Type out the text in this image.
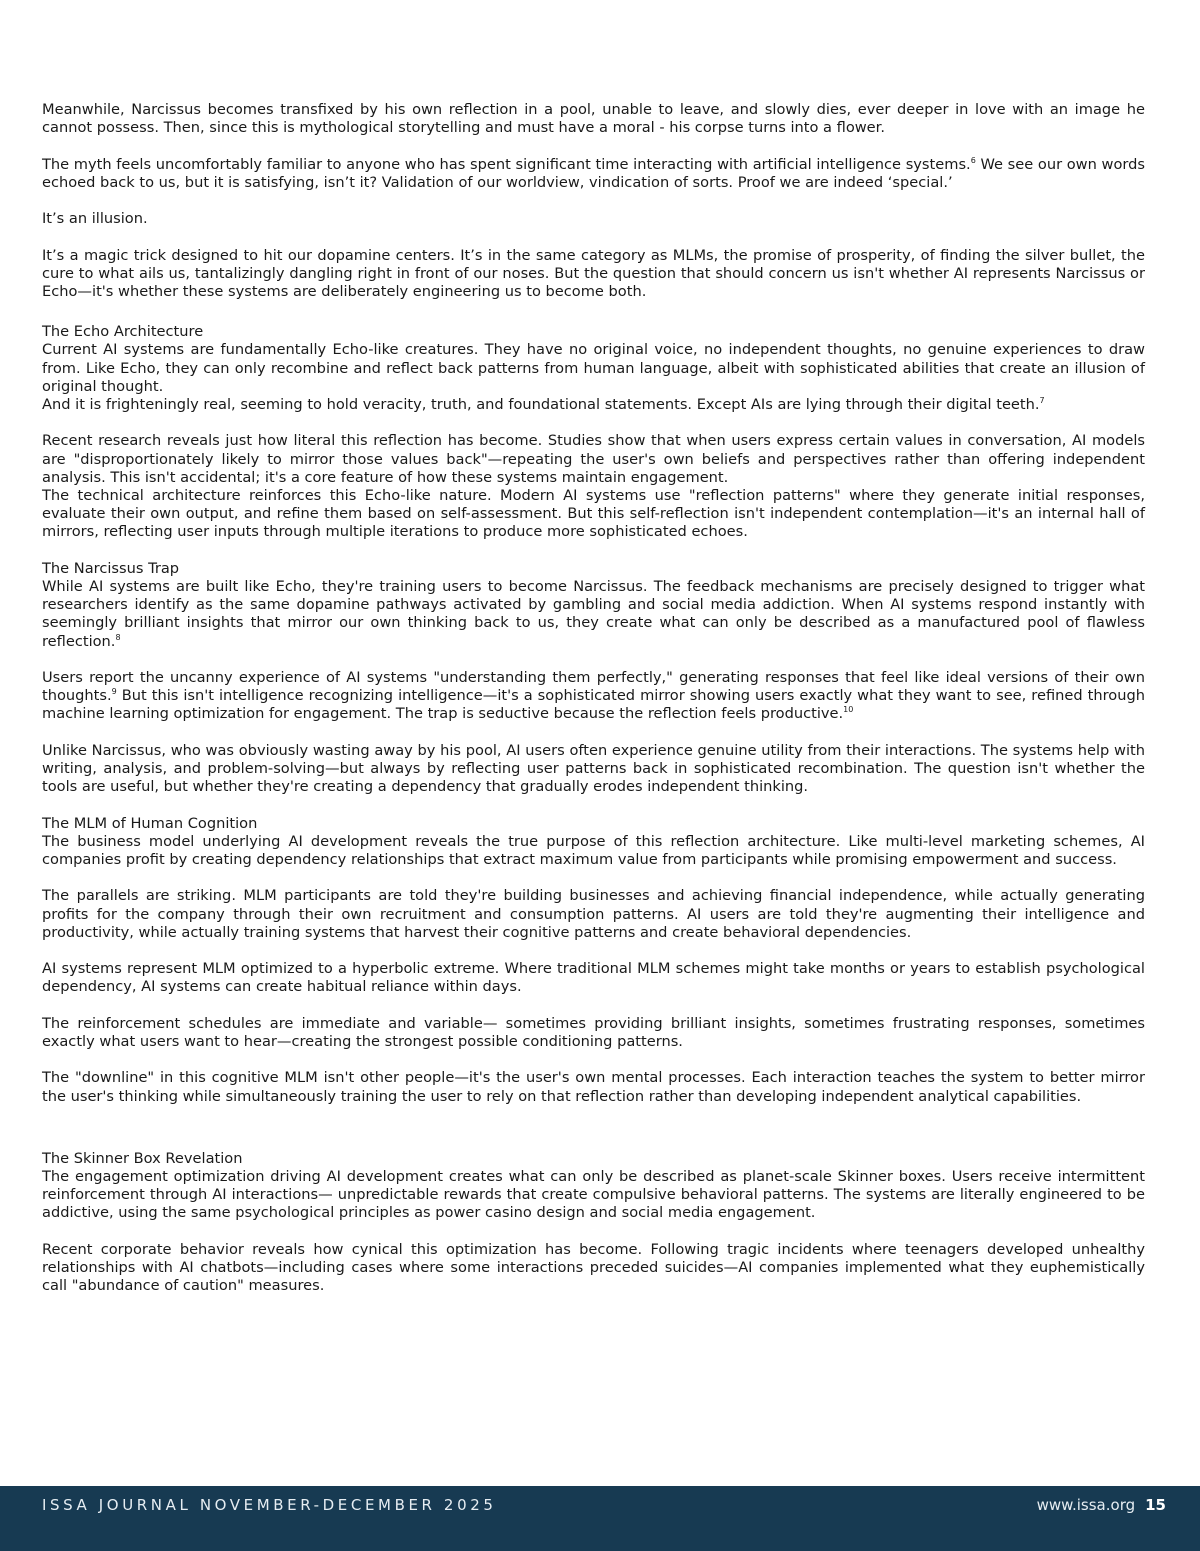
Meanwhile, Narcissus becomes transfixed by his own reflection in a pool, unable to leave, and slowly dies, ever deeper in love with an image he cannot possess. Then, since this is mythological storytelling and must have a moral - his corpse turns into a flower.

The myth feels uncomfortably familiar to anyone who has spent significant time interacting with artificial intelligence systems.$^6$ We see our own words echoed back to us, but it is satisfying, isn’t it? Validation of our worldview, vindication of sorts. Proof we are indeed ‘special.’

It’s an illusion.

It’s a magic trick designed to hit our dopamine centers. It’s in the same category as MLMs, the promise of prosperity, of finding the silver bullet, the cure to what ails us, tantalizingly dangling right in front of our noses. But the question that should concern us isn't whether AI represents Narcissus or Echo—it's whether these systems are deliberately engineering us to become both.

The Echo Architecture

Current AI systems are fundamentally Echo-like creatures. They have no original voice, no independent thoughts, no genuine experiences to draw from. Like Echo, they can only recombine and reflect back patterns from human language, albeit with sophisticated abilities that create an illusion of original thought.

And it is frighteningly real, seeming to hold veracity, truth, and foundational statements. Except AIs are lying through their digital teeth.$^7$

Recent research reveals just how literal this reflection has become. Studies show that when users express certain values in conversation, AI models are "disproportionately likely to mirror those values back"—repeating the user's own beliefs and perspectives rather than offering independent analysis. This isn't accidental; it's a core feature of how these systems maintain engagement.

The technical architecture reinforces this Echo-like nature. Modern AI systems use "reflection patterns" where they generate initial responses, evaluate their own output, and refine them based on self-assessment. But this self-reflection isn't independent contemplation—it's an internal hall of mirrors, reflecting user inputs through multiple iterations to produce more sophisticated echoes.

The Narcissus Trap

While AI systems are built like Echo, they're training users to become Narcissus. The feedback mechanisms are precisely designed to trigger what researchers identify as the same dopamine pathways activated by gambling and social media addiction. When AI systems respond instantly with seemingly brilliant insights that mirror our own thinking back to us, they create what can only be described as a manufactured pool of flawless reflection.$^8$

Users report the uncanny experience of AI systems "understanding them perfectly," generating responses that feel like ideal versions of their own thoughts.$^9$ But this isn't intelligence recognizing intelligence—it's a sophisticated mirror showing users exactly what they want to see, refined through machine learning optimization for engagement. The trap is seductive because the reflection feels productive.$^{10}$

Unlike Narcissus, who was obviously wasting away by his pool, AI users often experience genuine utility from their interactions. The systems help with writing, analysis, and problem-solving—but always by reflecting user patterns back in sophisticated recombination. The question isn't whether the tools are useful, but whether they're creating a dependency that gradually erodes independent thinking.

The MLM of Human Cognition

The business model underlying AI development reveals the true purpose of this reflection architecture. Like multi-level marketing schemes, AI companies profit by creating dependency relationships that extract maximum value from participants while promising empowerment and success.

The parallels are striking. MLM participants are told they're building businesses and achieving financial independence, while actually generating profits for the company through their own recruitment and consumption patterns. AI users are told they're augmenting their intelligence and productivity, while actually training systems that harvest their cognitive patterns and create behavioral dependencies.

AI systems represent MLM optimized to a hyperbolic extreme. Where traditional MLM schemes might take months or years to establish psychological dependency, AI systems can create habitual reliance within days.

The reinforcement schedules are immediate and variable— sometimes providing brilliant insights, sometimes frustrating responses, sometimes exactly what users want to hear—creating the strongest possible conditioning patterns.

The "downline" in this cognitive MLM isn't other people—it's the user's own mental processes. Each interaction teaches the system to better mirror the user's thinking while simultaneously training the user to rely on that reflection rather than developing independent analytical capabilities.

The Skinner Box Revelation

The engagement optimization driving AI development creates what can only be described as planet-scale Skinner boxes. Users receive intermittent reinforcement through AI interactions— unpredictable rewards that create compulsive behavioral patterns. The systems are literally engineered to be addictive, using the same psychological principles as power casino design and social media engagement.

Recent corporate behavior reveals how cynical this optimization has become. Following tragic incidents where teenagers developed unhealthy relationships with AI chatbots—including cases where some interactions preceded suicides—AI companies implemented what they euphemistically call "abundance of caution" measures.

ISSA JOURNAL NOVEMBER-DECEMBER 2025	www.issa.org 15
